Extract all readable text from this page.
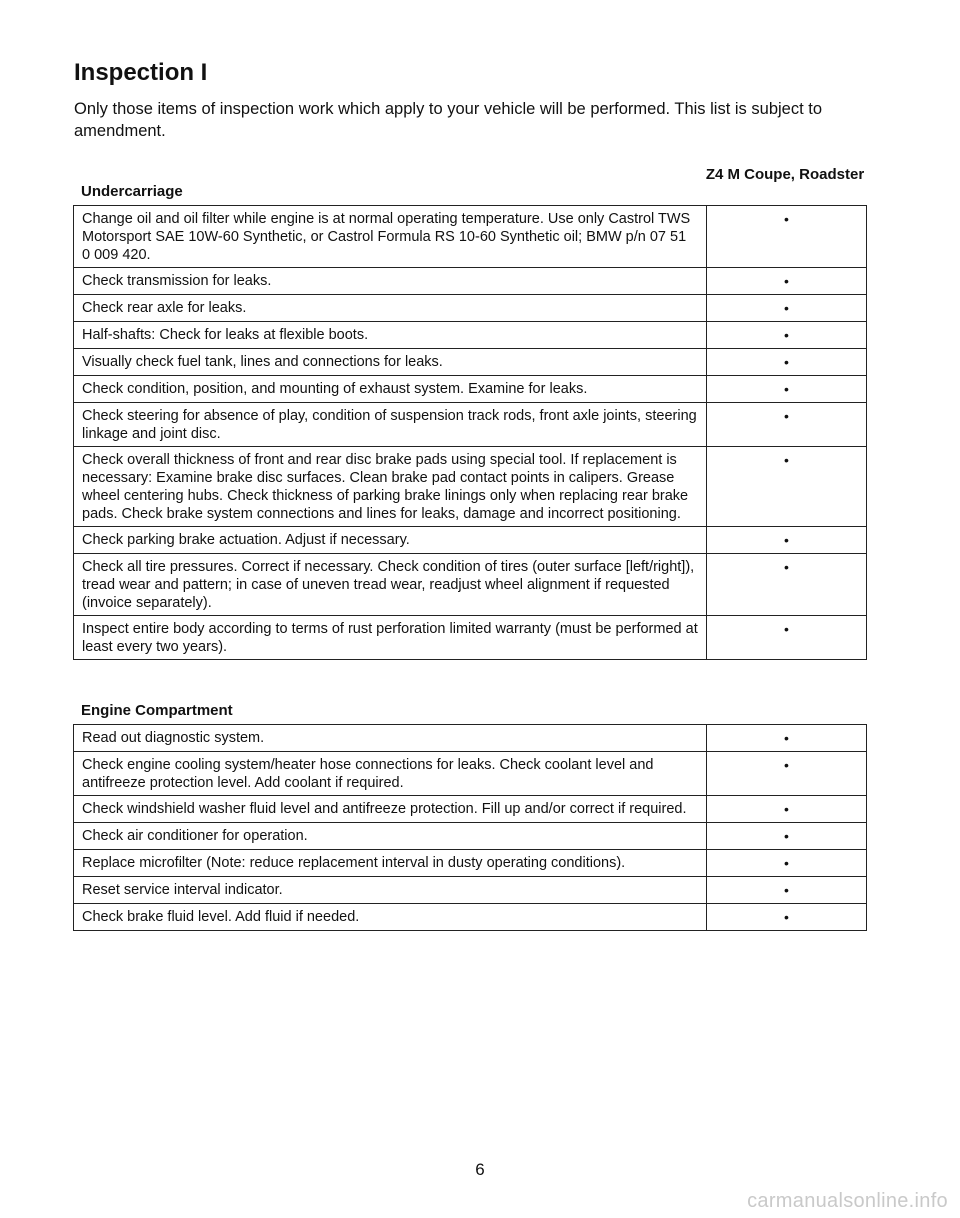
Inspection I

Only those items of inspection work which apply to your vehicle will be performed. This list is subject to amendment.

Undercarriage
Z4 M Coupe, Roadster
Change oil and oil filter while engine is at normal operating temperature. Use only Castrol TWS Motorsport SAE 10W-60 Synthetic, or Castrol Formula RS 10-60 Synthetic oil; BMW p/n 07 51 0 009 420.	•
Check transmission for leaks.	•
Check rear axle for leaks.	•
Half-shafts: Check for leaks at flexible boots.	•
Visually check fuel tank, lines and connections for leaks.	•
Check condition, position, and mounting of exhaust system. Examine for leaks.	•
Check steering for absence of play, condition of suspension track rods, front axle joints, steering linkage and joint disc.	•
Check overall thickness of front and rear disc brake pads using special tool. If replacement is necessary: Examine brake disc surfaces. Clean brake pad contact points in calipers. Grease wheel centering hubs. Check thickness of parking brake linings only when replacing rear brake pads. Check brake system connections and lines for leaks, damage and incorrect positioning.	•
Check parking brake actuation. Adjust if necessary.	•
Check all tire pressures. Correct if necessary. Check condition of tires (outer surface [left/right]), tread wear and pattern; in case of uneven tread wear, readjust wheel alignment if requested (invoice separately).	•
Inspect entire body according to terms of rust perforation limited warranty (must be performed at least every two years).	•
Engine Compartment
Read out diagnostic system.	•
Check engine cooling system/heater hose connections for leaks. Check coolant level and antifreeze protection level. Add coolant if required.	•
Check windshield washer fluid level and antifreeze protection. Fill up and/or correct if required.	•
Check air conditioner for operation.	•
Replace microfilter (Note: reduce replacement interval in dusty operating conditions).	•
Reset service interval indicator.	•
Check brake fluid level. Add fluid if needed.	•
6
carmanualsonline.info
